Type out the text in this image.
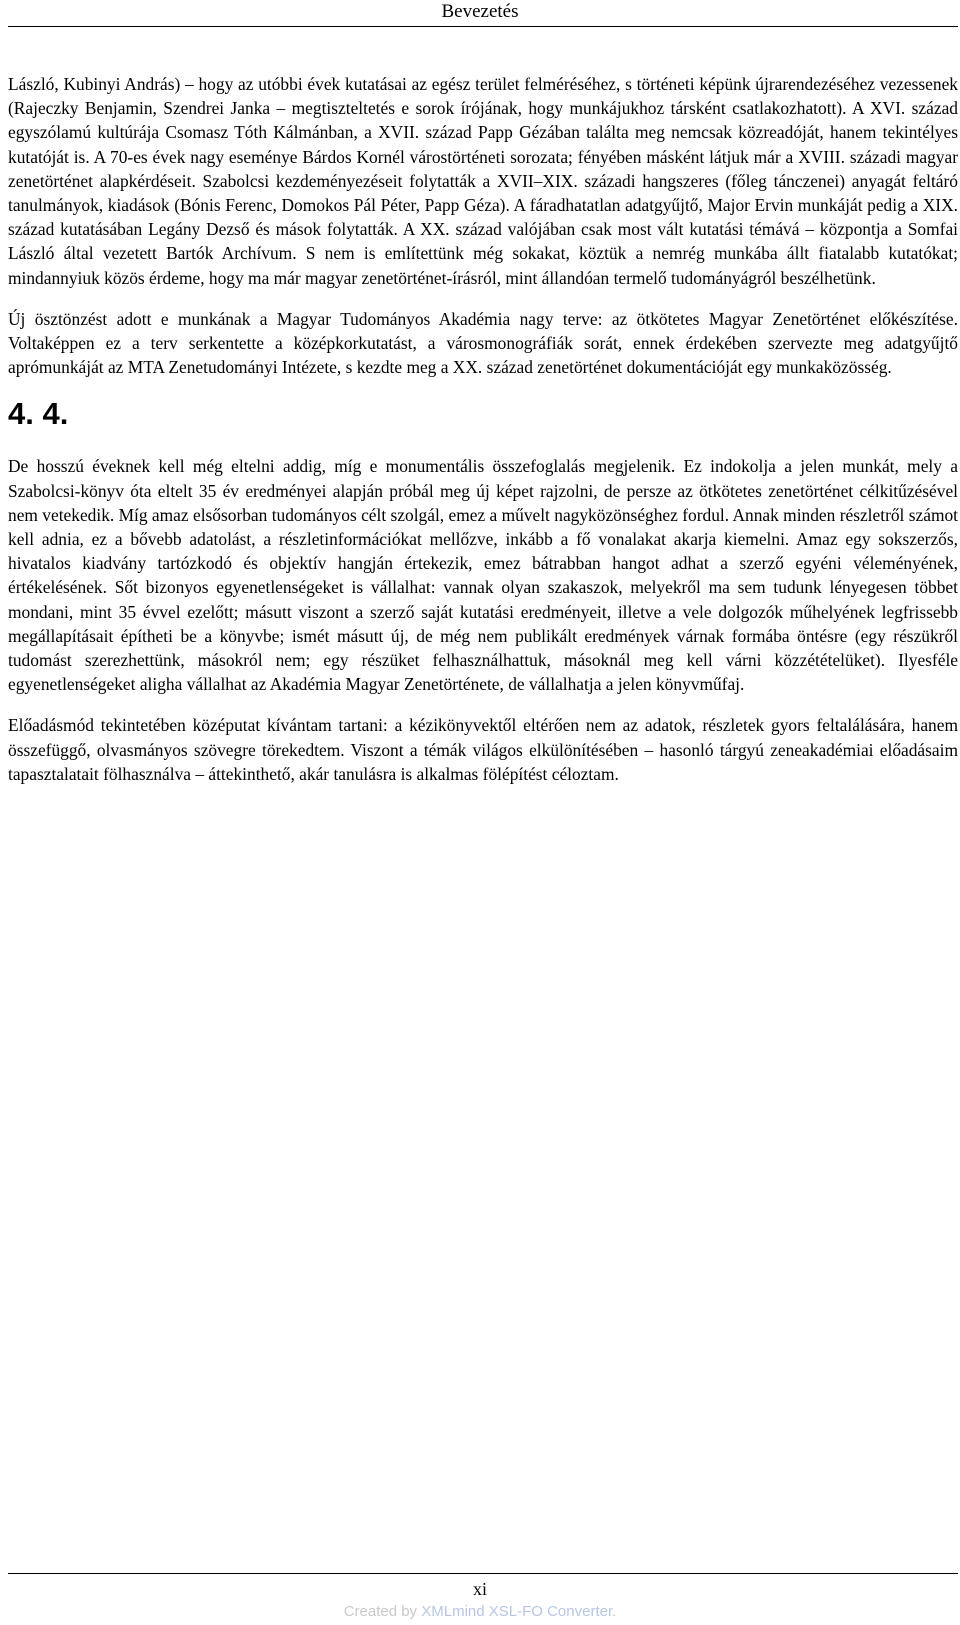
Bevezetés

László, Kubinyi András) – hogy az utóbbi évek kutatásai az egész terület felméréséhez, s történeti képünk újrarendezéséhez vezessenek (Rajeczky Benjamin, Szendrei Janka – megtiszteltetés e sorok írójának, hogy munkájukhoz társként csatlakozhatott). A XVI. század egyszólamú kultúrája Csomasz Tóth Kálmánban, a XVII. század Papp Gézában találta meg nemcsak közreadóját, hanem tekintélyes kutatóját is. A 70-es évek nagy eseménye Bárdos Kornél várostörténeti sorozata; fényében másként látjuk már a XVIII. századi magyar zenetörténet alapkérdéseit. Szabolcsi kezdeményezéseit folytatták a XVII–XIX. századi hangszeres (főleg tánczenei) anyagát feltáró tanulmányok, kiadások (Bónis Ferenc, Domokos Pál Péter, Papp Géza). A fáradhatatlan adatgyűjtő, Major Ervin munkáját pedig a XIX. század kutatásában Legány Dezső és mások folytatták. A XX. század valójában csak most vált kutatási témává – központja a Somfai László által vezetett Bartók Archívum. S nem is említettünk még sokakat, köztük a nemrég munkába állt fiatalabb kutatókat; mindannyiuk közös érdeme, hogy ma már magyar zenetörténet-írásról, mint állandóan termelő tudományágról beszélhetünk.

Új ösztönzést adott e munkának a Magyar Tudományos Akadémia nagy terve: az ötkötetes Magyar Zenetörténet előkészítése. Voltaképpen ez a terv serkentette a középkorkutatást, a városmonográfiák sorát, ennek érdekében szervezte meg adatgyűjtő aprómunkáját az MTA Zenetudományi Intézete, s kezdte meg a XX. század zenetörténet dokumentációját egy munkaközösség.

4. 4.

De hosszú éveknek kell még eltelni addig, míg e monumentális összefoglalás megjelenik. Ez indokolja a jelen munkát, mely a Szabolcsi-könyv óta eltelt 35 év eredményei alapján próbál meg új képet rajzolni, de persze az ötkötetes zenetörténet célkitűzésével nem vetekedik. Míg amaz elsősorban tudományos célt szolgál, emez a művelt nagyközönséghez fordul. Annak minden részletről számot kell adnia, ez a bővebb adatolást, a részletinformációkat mellőzve, inkább a fő vonalakat akarja kiemelni. Amaz egy sokszerzős, hivatalos kiadvány tartózkodó és objektív hangján értekezik, emez bátrabban hangot adhat a szerző egyéni véleményének, értékelésének. Sőt bizonyos egyenetlenségeket is vállalhat: vannak olyan szakaszok, melyekről ma sem tudunk lényegesen többet mondani, mint 35 évvel ezelőtt; másutt viszont a szerző saját kutatási eredményeit, illetve a vele dolgozók műhelyének legfrissebb megállapításait építheti be a könyvbe; ismét másutt új, de még nem publikált eredmények várnak formába öntésre (egy részükről tudomást szerezhettünk, másokról nem; egy részüket felhasználhattuk, másoknál meg kell várni közzétételüket). Ilyesféle egyenetlenségeket aligha vállalhat az Akadémia Magyar Zenetörténete, de vállalhatja a jelen könyvműfaj.

Előadásmód tekintetében középutat kívántam tartani: a kézikönyvektől eltérően nem az adatok, részletek gyors feltalálására, hanem összefüggő, olvasmányos szövegre törekedtem. Viszont a témák világos elkülönítésében – hasonló tárgyú zeneakadémiai előadásaim tapasztalatait fölhasználva – áttekinthető, akár tanulásra is alkalmas fölépítést céloztam.

xi
Created by XMLmind XSL-FO Converter.
